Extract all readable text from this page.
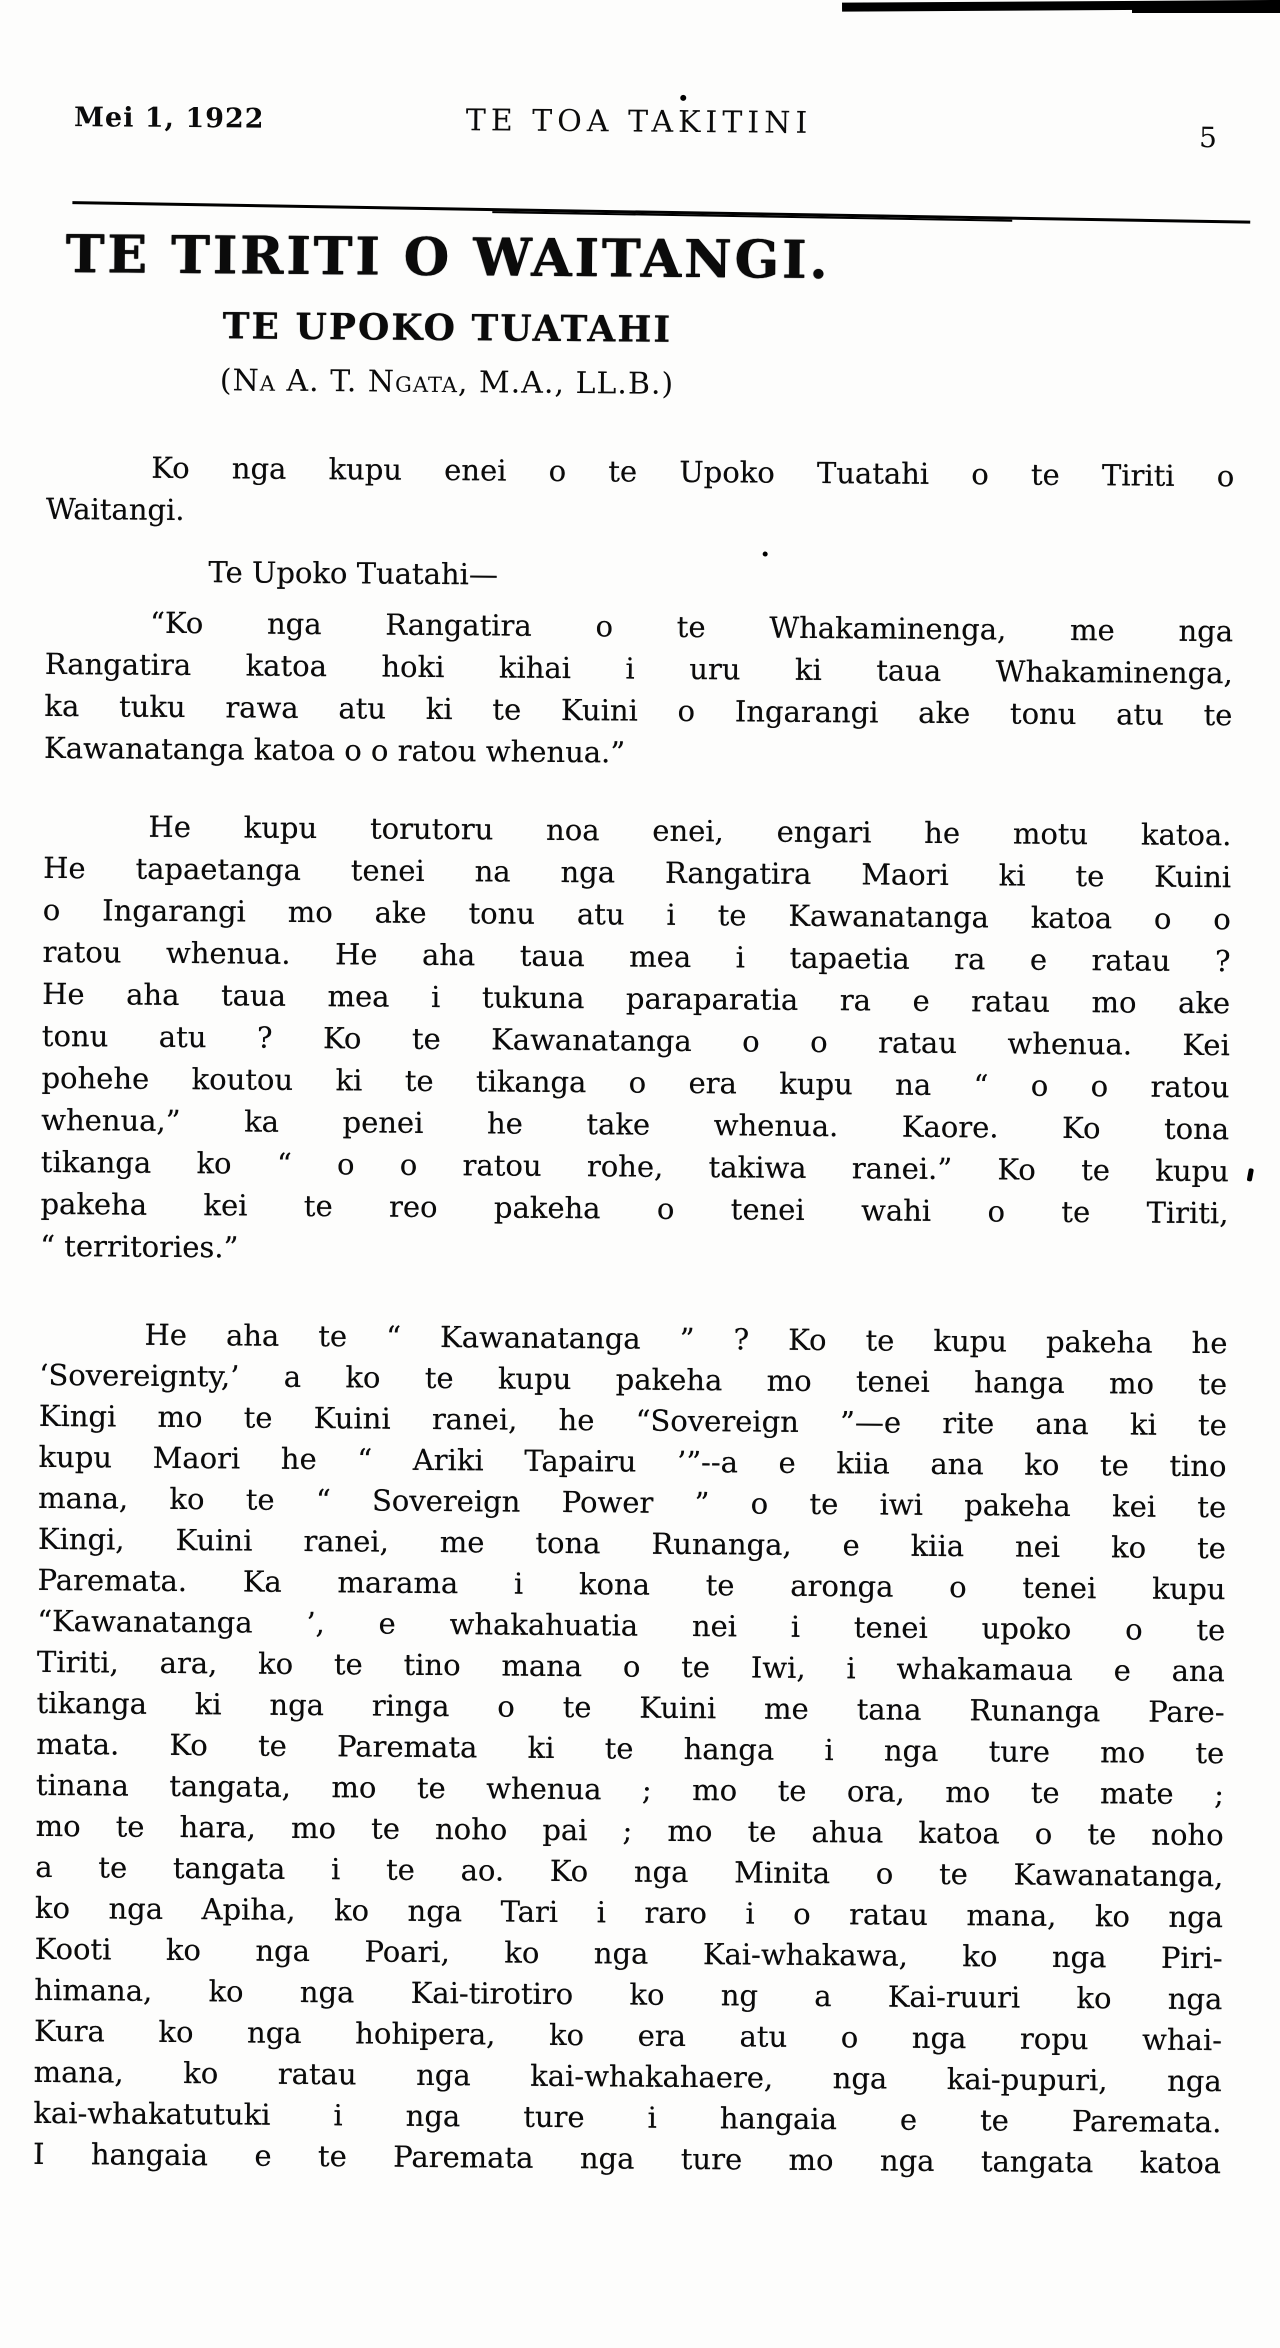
Mei 1, 1922	TE TOA TAKITINI	5
TE TIRITI O WAITANGI.
TE UPOKO TUATAHI
(Na A. T. Ngata, M.A., LL.B.)
Ko nga kupu enei o te Upoko Tuatahi o te Tiriti o
Waitangi.
Te Upoko Tuatahi—
“Ko nga Rangatira o te Whakaminenga, me nga
Rangatira katoa hoki kihai i uru ki taua Whakaminenga,
ka tuku rawa atu ki te Kuini o Ingarangi ake tonu atu te
Kawanatanga katoa o o ratou whenua.”
He kupu torutoru noa enei, engari he motu katoa.
He tapaetanga tenei na nga Rangatira Maori ki te Kuini
o Ingarangi mo ake tonu atu i te Kawanatanga katoa o o
ratou whenua. He aha taua mea i tapaetia ra e ratau ?
He aha taua mea i tukuna paraparatia ra e ratau mo ake
tonu atu ? Ko te Kawanatanga o o ratau whenua. Kei
pohehe koutou ki te tikanga o era kupu na “ o o ratou
whenua,” ka penei he take whenua. Kaore. Ko tona
tikanga ko “ o o ratou rohe, takiwa ranei.” Ko te kupu
pakeha kei te reo pakeha o tenei wahi o te Tiriti,
“ territories.”
He aha te “ Kawanatanga ” ? Ko te kupu pakeha he
‘Sovereignty,’ a ko te kupu pakeha mo tenei hanga mo te
Kingi mo te Kuini ranei, he “Sovereign ”—e rite ana ki te
kupu Maori he “ Ariki Tapairu ’”--a e kiia ana ko te tino
mana, ko te “ Sovereign Power ” o te iwi pakeha kei te
Kingi, Kuini ranei, me tona Runanga, e kiia nei ko te
Paremata. Ka marama i kona te aronga o tenei kupu
“Kawanatanga ’, e whakahuatia nei i tenei upoko o te
Tiriti, ara, ko te tino mana o te Iwi, i whakamaua e ana
tikanga ki nga ringa o te Kuini me tana Runanga Pare-
mata. Ko te Paremata ki te hanga i nga ture mo te
tinana tangata, mo te whenua ; mo te ora, mo te mate ;
mo te hara, mo te noho pai ; mo te ahua katoa o te noho
a te tangata i te ao. Ko nga Minita o te Kawanatanga,
ko nga Apiha, ko nga Tari i raro i o ratau mana, ko nga
Kooti ko nga Poari, ko nga Kai-whakawa, ko nga Piri-
himana, ko nga Kai-tirotiro ko ng a Kai-ruuri ko nga
Kura ko nga hohipera, ko era atu o nga ropu whai-
mana, ko ratau nga kai-whakahaere, nga kai-pupuri, nga
kai-whakatutuki i nga ture i hangaia e te Paremata.
I hangaia e te Paremata nga ture mo nga tangata katoa
